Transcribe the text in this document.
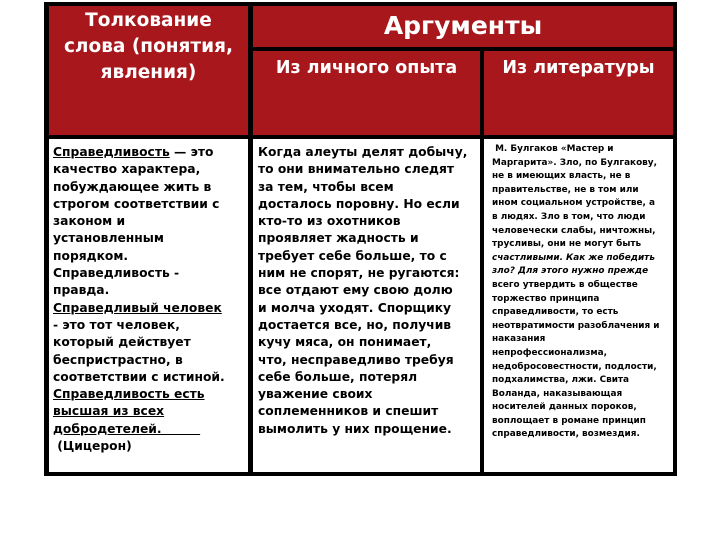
Толкование
слова (понятия,
явления)
Аргументы
Из личного опыта	Из литературы
Справедливость — это
качество характера,
побуждающее жить в
строгом соответствии с
законом и
установленным
порядком.
Справедливость -
правда.
Справедливый человек
- это тот человек,
который действует
беспристрастно, в
соответствии с истиной.
Справедливость есть
высшая из всех
добродетелей.
(Цицерон)
Когда алеуты делят добычу,
то они внимательно следят
за тем, чтобы всем
досталось поровну. Но если
кто-то из охотников
проявляет жадность и
требует себе больше, то с
ним не спорят, не ругаются:
все отдают ему свою долю
и молча уходят. Спорщику
достается все, но, получив
кучу мяса, он понимает,
что, несправедливо требуя
себе больше, потерял
уважение своих
соплеменников и спешит
вымолить у них прощение.
М. Булгаков «Мастер и
Маргарита». Зло, по Булгакову,
не в имеющих власть, не в
правительстве, не в том или
ином социальном устройстве, а
в людях. Зло в том, что люди
человечески слабы, ничтожны,
трусливы, они не могут быть
счастливыми. Как же победить
зло? Для этого нужно прежде
всего утвердить в обществе
торжество принципа
справедливости, то есть
неотвратимости разоблачения и
наказания
непрофессионализма,
недобросовестности, подлости,
подхалимства, лжи. Свита
Воланда, наказывающая
носителей данных пороков,
воплощает в романе принцип
справедливости, возмездия.
